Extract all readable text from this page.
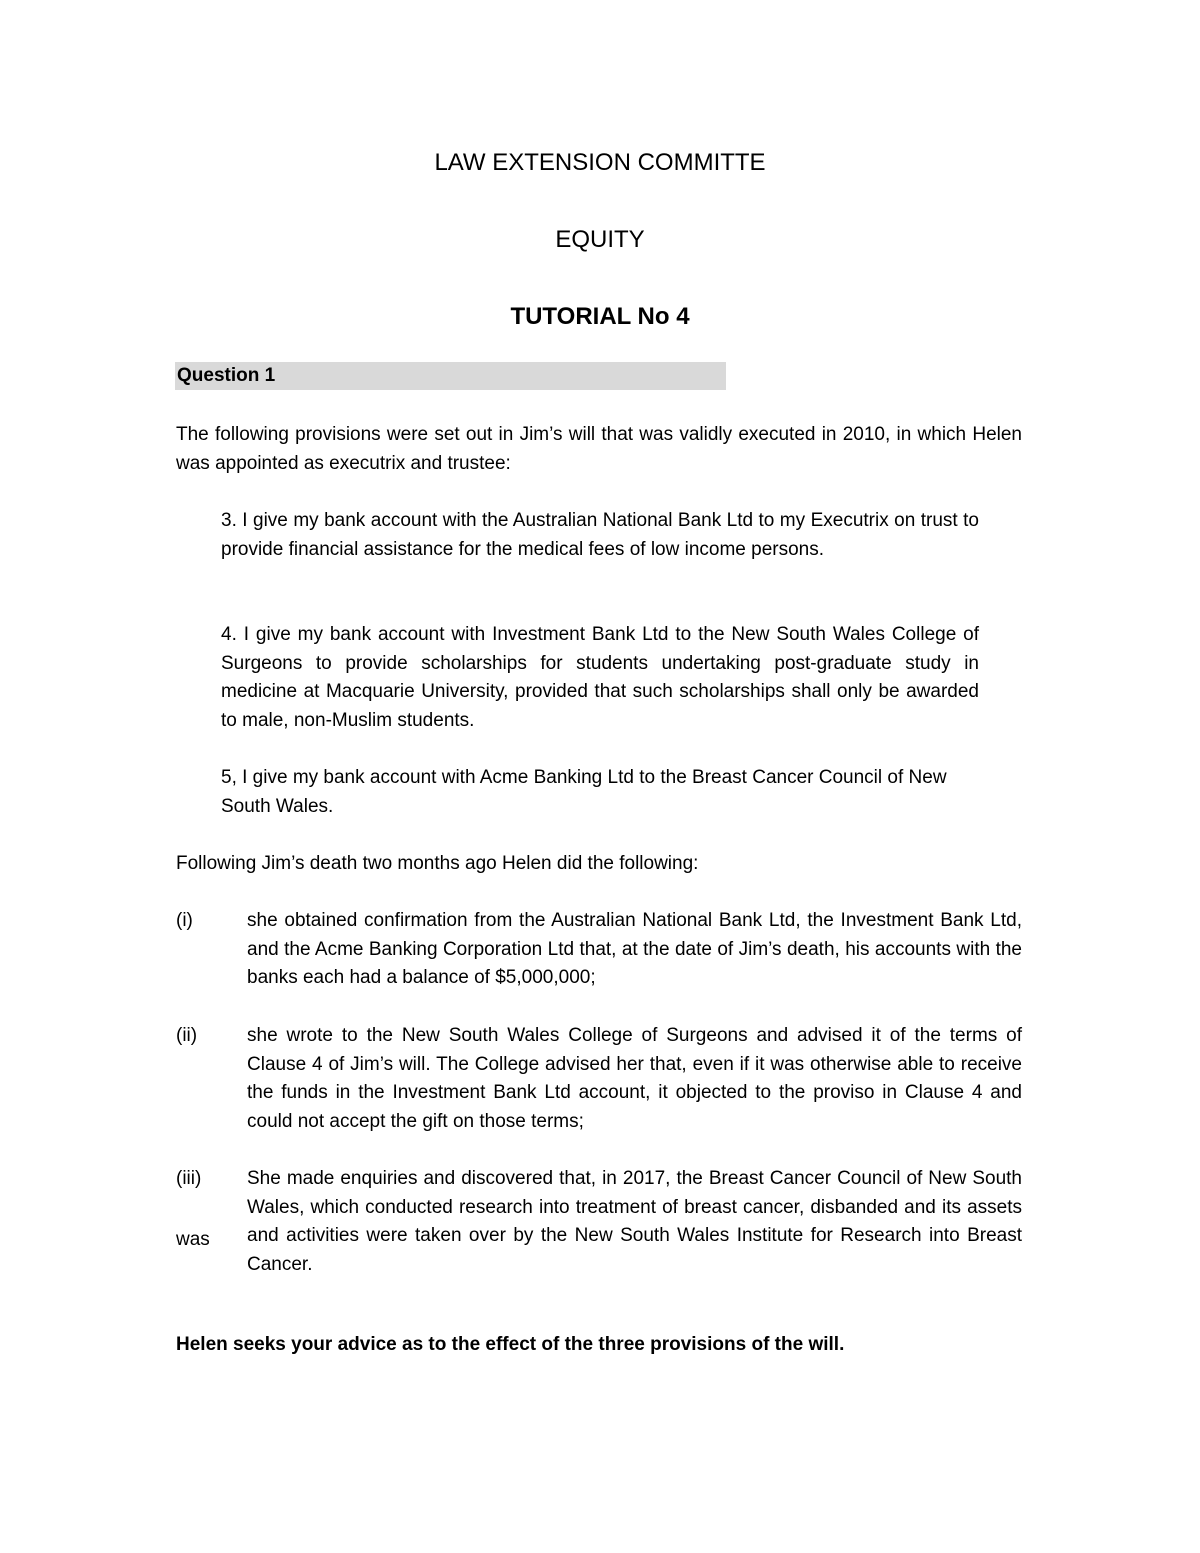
LAW EXTENSION COMMITTE
EQUITY
TUTORIAL No 4
Question 1

The following provisions were set out in Jim’s will that was validly executed in 2010, in which Helen was appointed as executrix and trustee:

3. I give my bank account with the Australian National Bank Ltd to my Executrix on trust to provide financial assistance for the medical fees of low income persons.

4. I give my bank account with Investment Bank Ltd to the New South Wales College of Surgeons to provide scholarships for students undertaking post-graduate study in medicine at Macquarie University, provided that such scholarships shall only be awarded to male, non-Muslim students.

5, I give my bank account with Acme Banking Ltd to the Breast Cancer Council of New South Wales.

Following Jim’s death two months ago Helen did the following:

(i)	she obtained confirmation from the Australian National Bank Ltd, the Investment Bank Ltd, and the Acme Banking Corporation Ltd that, at the date of Jim’s death, his accounts with the banks each had a balance of $5,000,000;
(ii)	she wrote to the New South Wales College of Surgeons and advised it of the terms of Clause 4 of Jim’s will. The College advised her that, even if it was otherwise able to receive the funds in the Investment Bank Ltd account, it objected to the proviso in Clause 4 and could not accept the gift on those terms;
(iii) She made enquiries and discovered that, in 2017, the Breast Cancer Council of New South Wales, which conducted research into treatment of breast cancer, disbanded and its assets and activities were taken over by the New South Wales Institute for Research into Breast Cancer.
was

Helen seeks your advice as to the effect of the three provisions of the will.
